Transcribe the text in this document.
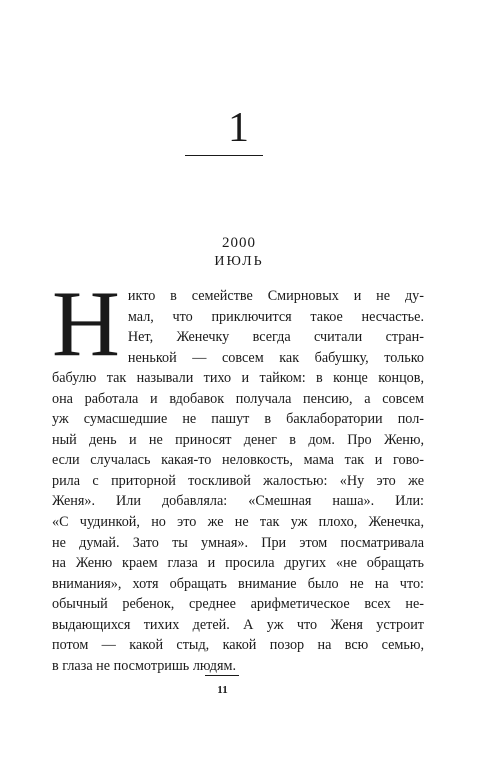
1
2000
ИЮЛЬ
Н икто в семействе Смирновых и не ду-
мал, что приключится такое несчастье.
Нет, Женечку всегда считали стран-
ненькой — совсем как бабушку, только
бабулю так называли тихо и тайком: в конце концов,
она работала и вдобавок получала пенсию, а совсем
уж сумасшедшие не пашут в баклаборатории пол-
ный день и не приносят денег в дом. Про Женю,
если случалась какая-то неловкость, мама так и гово-
рила с приторной тоскливой жалостью: «Ну это же
Женя». Или добавляла: «Смешная наша». Или:
«С чудинкой, но это же не так уж плохо, Женечка,
не думай. Зато ты умная». При этом посматривала
на Женю краем глаза и просила других «не обращать
внимания», хотя обращать внимание было не на что:
обычный ребенок, среднее арифметическое всех не-
выдающихся тихих детей. А уж что Женя устроит
потом — какой стыд, какой позор на всю семью,
в глаза не посмотришь людям.
11
